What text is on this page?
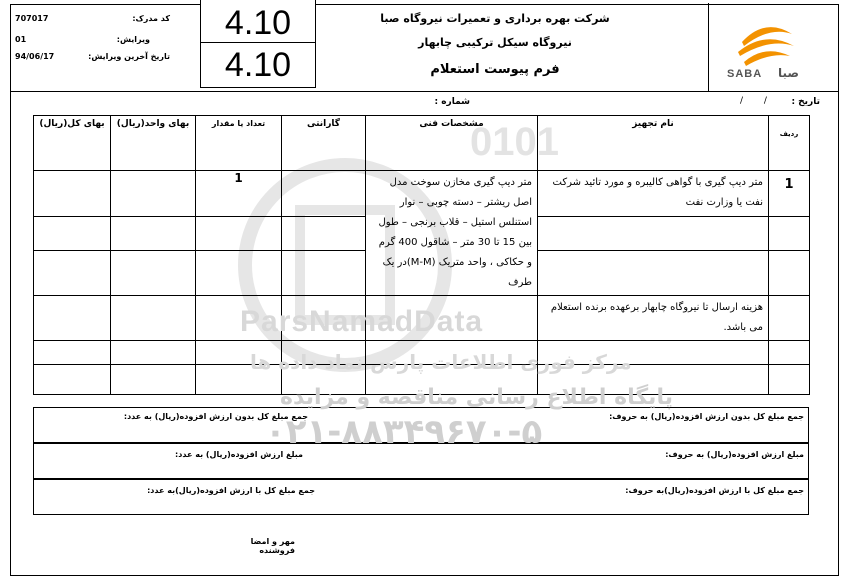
کد مدرک:
707017
ویرایش:
01
تاریخ آخرین ویرایش:
94/06/17
4.10
4.10
شرکت بهره برداری و تعمیرات نیروگاه صبا
نیروگاه سیکل ترکیبی چابهار
فرم پیوست استعلام	SABA صبا
تاریخ :
/ /
شماره :
0101
بهای کل(ریال)	بهای واحد(ریال)	تعداد یا مقدار	گارانتی	مشخصات فنی	نام تجهیز	ردیف
		1		متر دیپ گیری مخازن سوخت مدل اصل ریشتر – دسته چوبی – نوار استنلس استیل – قلاب برنجی – طول بین 15 تا 30 متر – شاقول 400 گرم و حکاکی ، واحد متریک (M-M)در یک طرف	متر دیپ گیری با گواهی کالیبره و مورد تائید شرکت نفت یا وزارت نفت	1

					هزینه ارسال تا نیروگاه چابهار برعهده برنده استعلام می باشد.	

ParsNamadData
مرکز فوری اطلاعات پارس نماد داده ها
جمع مبلغ کل بدون ارزش افزوده(ریال) به حروف:
جمع مبلغ کل بدون ارزش افزوده(ریال) به عدد:
مبلغ ارزش افزوده(ریال) به حروف:
مبلغ ارزش افزوده(ریال) به عدد:
جمع مبلغ کل با ارزش افزوده(ریال)به حروف:
جمع مبلغ کل با ارزش افزوده(ریال)به عدد:
پایگاه اطلاع رسانی مناقصه و مزایده
۰۲۱-۸۸۳۴۹۶۷۰-۵
مهر و امضا فروشنده
